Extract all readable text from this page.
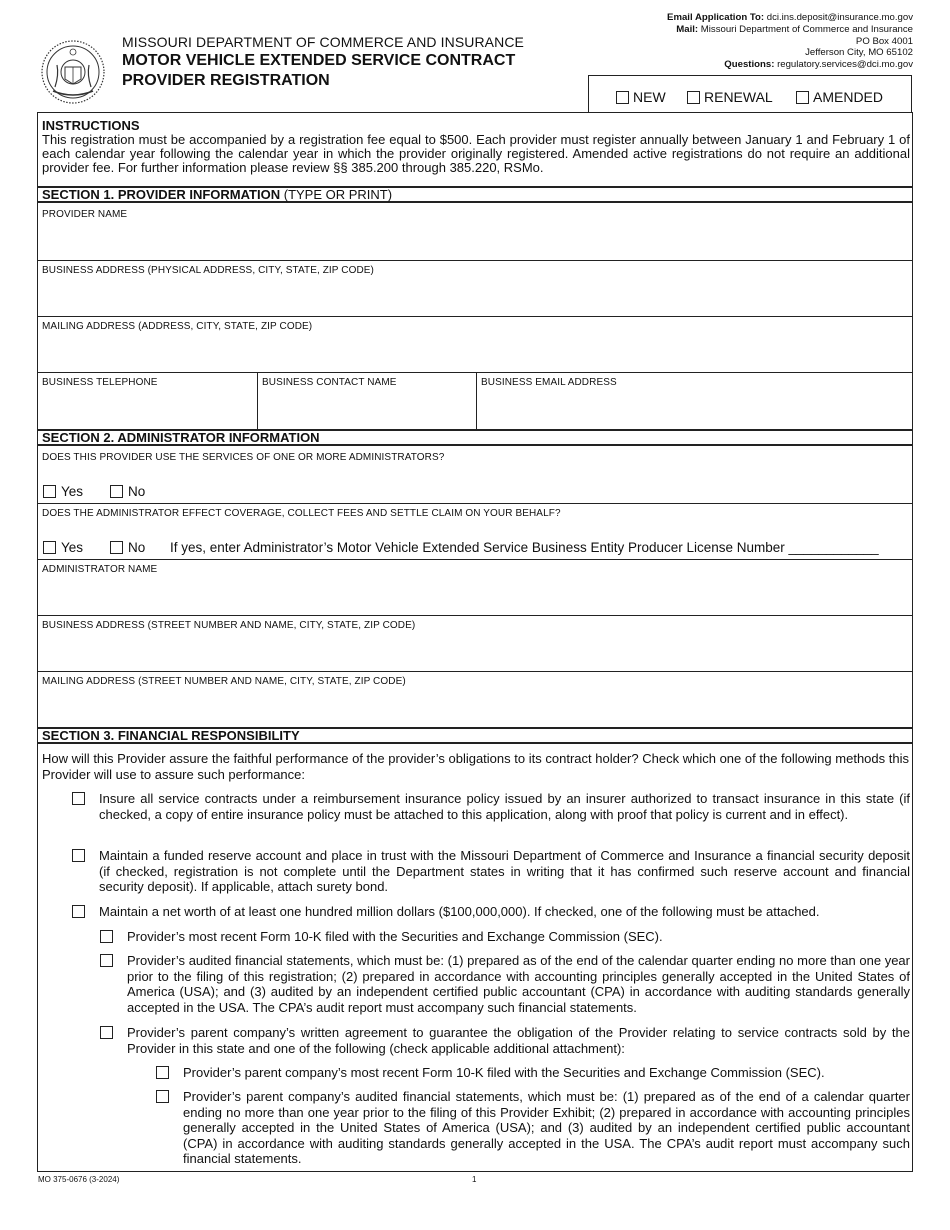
MISSOURI DEPARTMENT OF COMMERCE AND INSURANCE
MOTOR VEHICLE EXTENDED SERVICE CONTRACT
PROVIDER REGISTRATION
Email Application To: dci.ins.deposit@insurance.mo.gov
Mail: Missouri Department of Commerce and Insurance
PO Box 4001
Jefferson City, MO 65102
Questions: regulatory.services@dci.mo.gov
NEW	RENEWAL	AMENDED
INSTRUCTIONS
This registration must be accompanied by a registration fee equal to $500. Each provider must register annually between January 1 and February 1 of each calendar year following the calendar year in which the provider originally registered. Amended active registrations do not require an additional provider fee. For further information please review §§ 385.200 through 385.220, RSMo.
SECTION 1. PROVIDER INFORMATION (TYPE OR PRINT)
PROVIDER NAME
BUSINESS ADDRESS (PHYSICAL ADDRESS, CITY, STATE, ZIP CODE)
MAILING ADDRESS (ADDRESS, CITY, STATE, ZIP CODE)
BUSINESS TELEPHONE	BUSINESS CONTACT NAME	BUSINESS EMAIL ADDRESS
SECTION 2. ADMINISTRATOR INFORMATION
DOES THIS PROVIDER USE THE SERVICES OF ONE OR MORE ADMINISTRATORS?
Yes	No
DOES THE ADMINISTRATOR EFFECT COVERAGE, COLLECT FEES AND SETTLE CLAIM ON YOUR BEHALF?
Yes	No If yes, enter Administrator’s Motor Vehicle Extended Service Business Entity Producer License Number ____________
ADMINISTRATOR NAME
BUSINESS ADDRESS (STREET NUMBER AND NAME, CITY, STATE, ZIP CODE)
MAILING ADDRESS (STREET NUMBER AND NAME, CITY, STATE, ZIP CODE)
SECTION 3. FINANCIAL RESPONSIBILITY
How will this Provider assure the faithful performance of the provider’s obligations to its contract holder? Check which one of the following methods this Provider will use to assure such performance:
Insure all service contracts under a reimbursement insurance policy issued by an insurer authorized to transact insurance in this state (if checked, a copy of entire insurance policy must be attached to this application, along with proof that policy is current and in effect).
Maintain a funded reserve account and place in trust with the Missouri Department of Commerce and Insurance a financial security deposit (if checked, registration is not complete until the Department states in writing that it has confirmed such reserve account and financial security deposit). If applicable, attach surety bond.
Maintain a net worth of at least one hundred million dollars ($100,000,000). If checked, one of the following must be attached.
Provider’s most recent Form 10-K filed with the Securities and Exchange Commission (SEC).
Provider’s audited financial statements, which must be: (1) prepared as of the end of the calendar quarter ending no more than one year prior to the filing of this registration; (2) prepared in accordance with accounting principles generally accepted in the United States of America (USA); and (3) audited by an independent certified public accountant (CPA) in accordance with auditing standards generally accepted in the USA. The CPA’s audit report must accompany such financial statements.
Provider’s parent company’s written agreement to guarantee the obligation of the Provider relating to service contracts sold by the Provider in this state and one of the following (check applicable additional attachment):
Provider’s parent company’s most recent Form 10-K filed with the Securities and Exchange Commission (SEC).
Provider’s parent company’s audited financial statements, which must be: (1) prepared as of the end of a calendar quarter ending no more than one year prior to the filing of this Provider Exhibit; (2) prepared in accordance with accounting principles generally accepted in the United States of America (USA); and (3) audited by an independent certified public accountant (CPA) in accordance with auditing standards generally accepted in the USA. The CPA’s audit report must accompany such financial statements.
MO 375-0676 (3-2024)	1
